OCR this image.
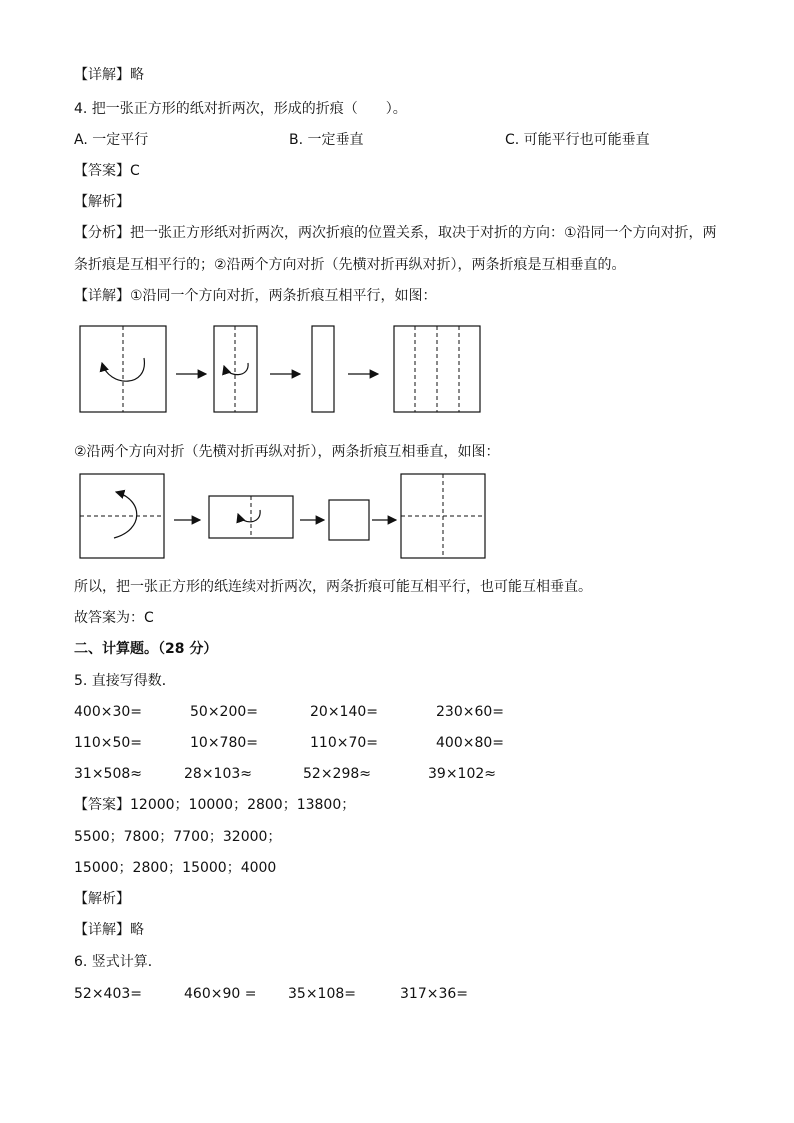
【详解】略
4. 把一张正方形的纸对折两次，形成的折痕（　　）。
A. 一定平行	B. 一定垂直	C. 可能平行也可能垂直
【答案】C
【解析】
【分析】把一张正方形纸对折两次，两次折痕的位置关系，取决于对折的方向：①沿同一个方向对折，两
条折痕是互相平行的；②沿两个方向对折（先横对折再纵对折），两条折痕是互相垂直的。
【详解】①沿同一个方向对折，两条折痕互相平行，如图：
②沿两个方向对折（先横对折再纵对折），两条折痕互相垂直，如图：
所以，把一张正方形的纸连续对折两次，两条折痕可能互相平行，也可能互相垂直。
故答案为：C
二、计算题。（28 分）
5. 直接写得数．
400×30=	50×200=	20×140=	230×60=
110×50=	10×780=	110×70=	400×80=
31×508≈	28×103≈	52×298≈	39×102≈
【答案】12000；10000；2800；13800；
5500；7800；7700；32000；
15000；2800；15000；4000
【解析】
【详解】略
6. 竖式计算．
52×403=	460×90 = 35×108=	317×36=
